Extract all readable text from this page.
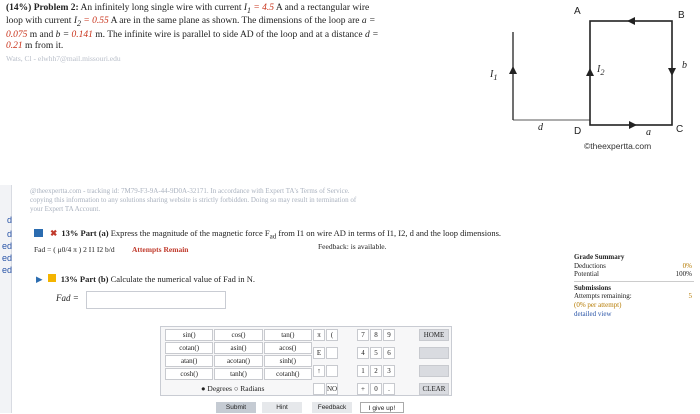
(14%) Problem 2: An infinitely long single wire with current $I_1 = 4.5$ A and a rectangular wire
loop with current $I_2 = 0.55$ A are in the same plane as shown. The dimensions of the loop are a =
0.075 m and b = 0.141 m. The infinite wire is parallel to side AD of the loop and at a distance d =
0.21 m from it.
Wats, Cl - elwhh7@mail.missouri.edu
A	B
D	C
a
b
d
$I_1$
$I_2$
©theexpertta.com
d
d
ed
ed
ed
@theexpertta.com - tracking id: 7M79-F3-9A-44-9D0A-32171. In accordance with Expert TA's Terms of Service.
copying this information to any solutions sharing website is strictly forbidden. Doing so may result in termination of
your Expert TA Account.
✖ 13% Part (a) Express the magnitude of the magnetic force $F_{ad}$ from I1 on wire AD in terms of I1, I2, d and the loop dimensions.
Fad = ( μ0/4 π ) 2 I1 I2 b/d Attempts Remain	Feedback: is available.
▶ 13% Part (b) Calculate the numerical value of Fad in N.
Fad =
sin()	cos()	tan()
cotan()	asin()	acos()
atan()	acotan()	sinh()
cosh()	tanh()	cotanh()
● Degrees ○ Radians
π (
E
↑
NO
7 8 9
4 5 6
1 2 3
+ 0 .
HOME
CLEAR
Submit	Hint	Feedback	I give up!
Grade Summary
Deductions	0%
Potential	100%
Submissions
Attempts remaining:	5
(0% per attempt)
detailed view
